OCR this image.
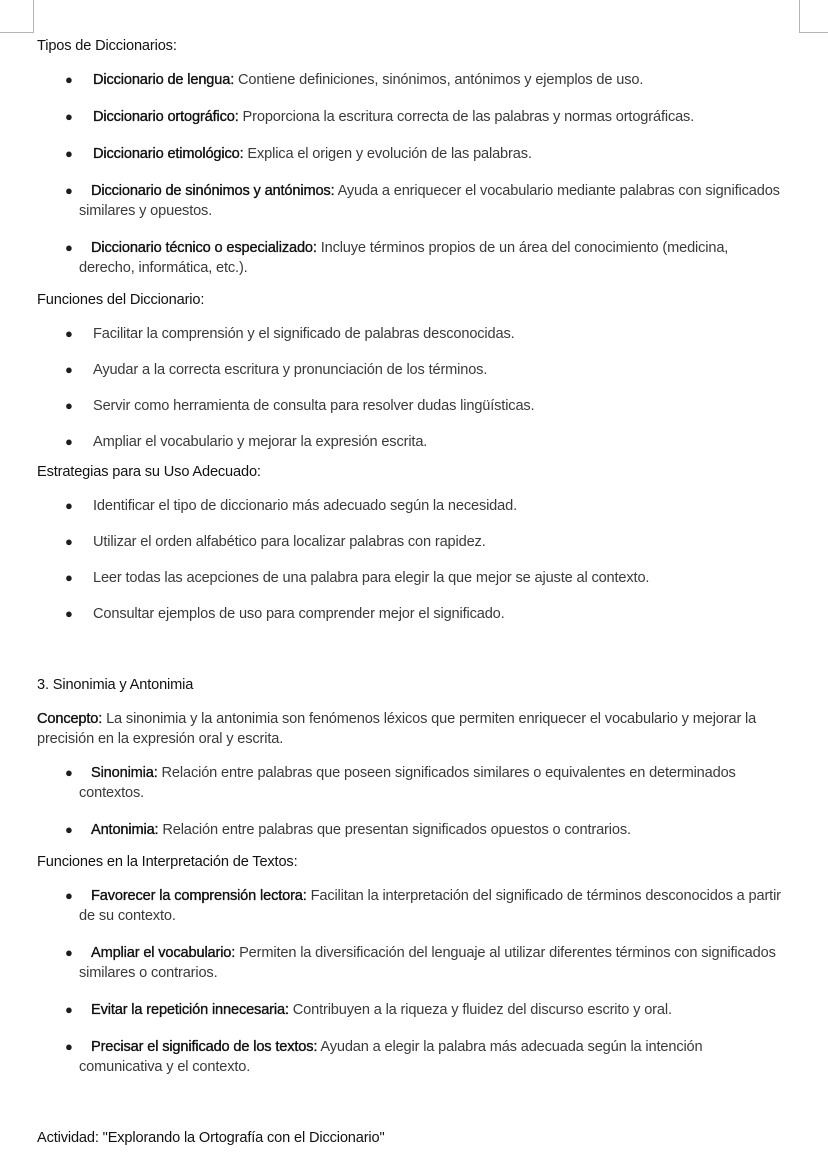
Tipos de Diccionarios:

● Diccionario de lengua: Contiene definiciones, sinónimos, antónimos y ejemplos de uso.
● Diccionario ortográfico: Proporciona la escritura correcta de las palabras y normas ortográficas.
● Diccionario etimológico: Explica el origen y evolución de las palabras.
●	Diccionario de sinónimos y antónimos: Ayuda a enriquecer el vocabulario mediante palabras con significados similares y opuestos.
●	Diccionario técnico o especializado: Incluye términos propios de un área del conocimiento (medicina, derecho, informática, etc.).

Funciones del Diccionario:

● Facilitar la comprensión y el significado de palabras desconocidas.
● Ayudar a la correcta escritura y pronunciación de los términos.
● Servir como herramienta de consulta para resolver dudas lingüísticas.
● Ampliar el vocabulario y mejorar la expresión escrita.

Estrategias para su Uso Adecuado:

● Identificar el tipo de diccionario más adecuado según la necesidad.
● Utilizar el orden alfabético para localizar palabras con rapidez.
● Leer todas las acepciones de una palabra para elegir la que mejor se ajuste al contexto.
● Consultar ejemplos de uso para comprender mejor el significado.

3. Sinonimia y Antonimia

Concepto: La sinonimia y la antonimia son fenómenos léxicos que permiten enriquecer el vocabulario y mejorar la precisión en la expresión oral y escrita.

●	Sinonimia: Relación entre palabras que poseen significados similares o equivalentes en determinados contextos.
●	Antonimia: Relación entre palabras que presentan significados opuestos o contrarios.

Funciones en la Interpretación de Textos:

●	Favorecer la comprensión lectora: Facilitan la interpretación del significado de términos desconocidos a partir de su contexto.
●	Ampliar el vocabulario: Permiten la diversificación del lenguaje al utilizar diferentes términos con significados similares o contrarios.
●	Evitar la repetición innecesaria: Contribuyen a la riqueza y fluidez del discurso escrito y oral.
●	Precisar el significado de los textos: Ayudan a elegir la palabra más adecuada según la intención comunicativa y el contexto.

Actividad: "Explorando la Ortografía con el Diccionario"
